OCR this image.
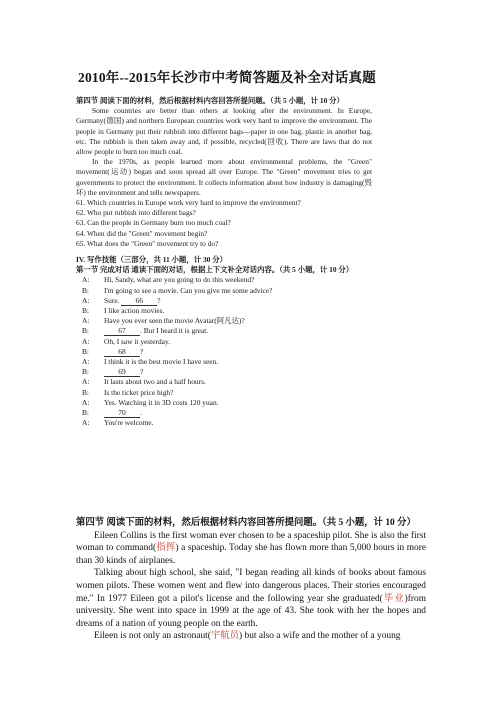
2010年--2015年长沙市中考简答题及补全对话真题

第四节 阅读下面的材料，然后根据材料内容回答所提问题。（共 5 小题，计 10 分）

Some countries are better than others at looking after the environment. In Europe, Germany(德国) and northern European countries work very hard to improve the environment. The people in Germany put their rubbish into different bags—paper in one bag, plastic in another bag, etc. The rubbish is then taken away and, if possible, recycled(回收). There are laws that do not allow people to burn too much coal.

In the 1970s, as people learned more about environmental problems, the "Green" movement(运动) began and soon spread all over Europe. The "Green" movement tries to get governments to protect the environment. It collects information about how industry is damaging(毁坏) the environment and tells newspapers.

61. Which countries in Europe work very hard to improve the environment?

62. Who put rubbish into different bags?

63. Can the people in Germany burn too much coal?

64. When did the "Green" movement begin?

65. What does the "Green" movement try to do?

IV. 写作技能（三部分，共 11 小题，计 30 分）

第一节 完成对话 通读下面的对话，根据上下文补全对话内容。（共 5 小题，计 10 分）

A:	Hi, Sandy, what are you going to do this weekend?
B:	I'm going to see a movie. Can you give me some advice?
A:	Sure. 66 ?
B:	I like action movies.
A:	Have you ever seen the movie Avatar(阿凡达)?
B:	67 . But I heard it is great.
A:	Oh, I saw it yesterday.
B:	68 ?
A:	I think it is the best movie I have seen.
B:	69 ?
A:	It lasts about two and a half hours.
B:	Is the ticket price high?
A:	Yes. Watching it in 3D costs 120 yuan.
B:	70 .
A:	You're welcome.

第四节 阅读下面的材料，然后根据材料内容回答所提问题。（共 5 小题，计 10 分）

Eileen Collins is the first woman ever chosen to be a spaceship pilot. She is also the first woman to command(指挥) a spaceship. Today she has flown more than 5,000 hours in more than 30 kinds of airplanes.

Talking about high school, she said, "I began reading all kinds of books about famous women pilots. These women went and flew into dangerous places. Their stories encouraged me." In 1977 Eileen got a pilot's license and the following year she graduated(毕业)from university. She went into space in 1999 at the age of 43. She took with her the hopes and dreams of a nation of young people on the earth.

Eileen is not only an astronaut(宇航员) but also a wife and the mother of a young
